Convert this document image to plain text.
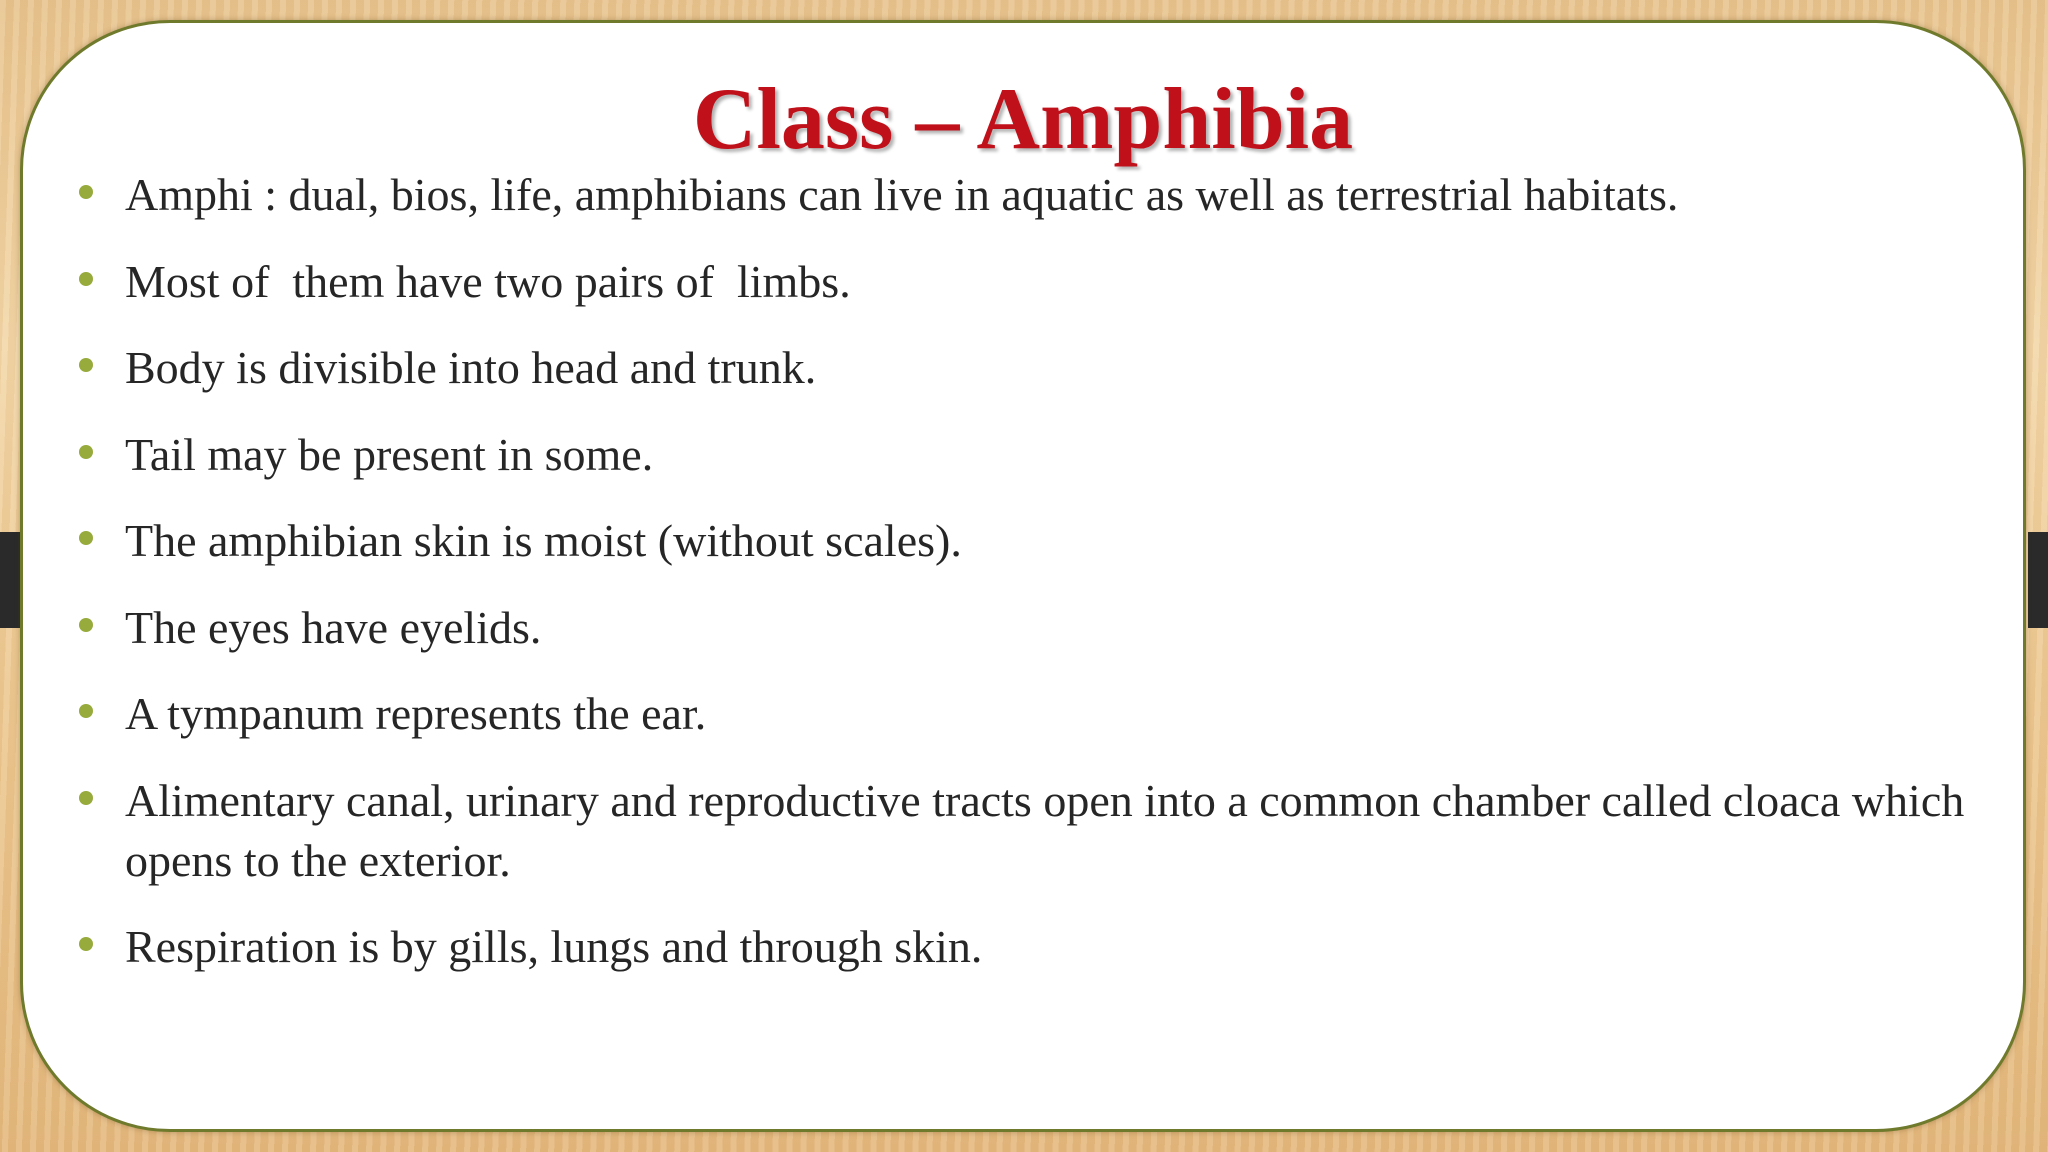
Class – Amphibia
Amphi : dual, bios, life, amphibians can live in aquatic as well as terrestrial habitats.
Most of  them have two pairs of  limbs.
Body is divisible into head and trunk.
Tail may be present in some.
The amphibian skin is moist (without scales).
The eyes have eyelids.
A tympanum represents the ear.
Alimentary canal, urinary and reproductive tracts open into a common chamber called cloaca which opens to the exterior.
Respiration is by gills, lungs and through skin.
